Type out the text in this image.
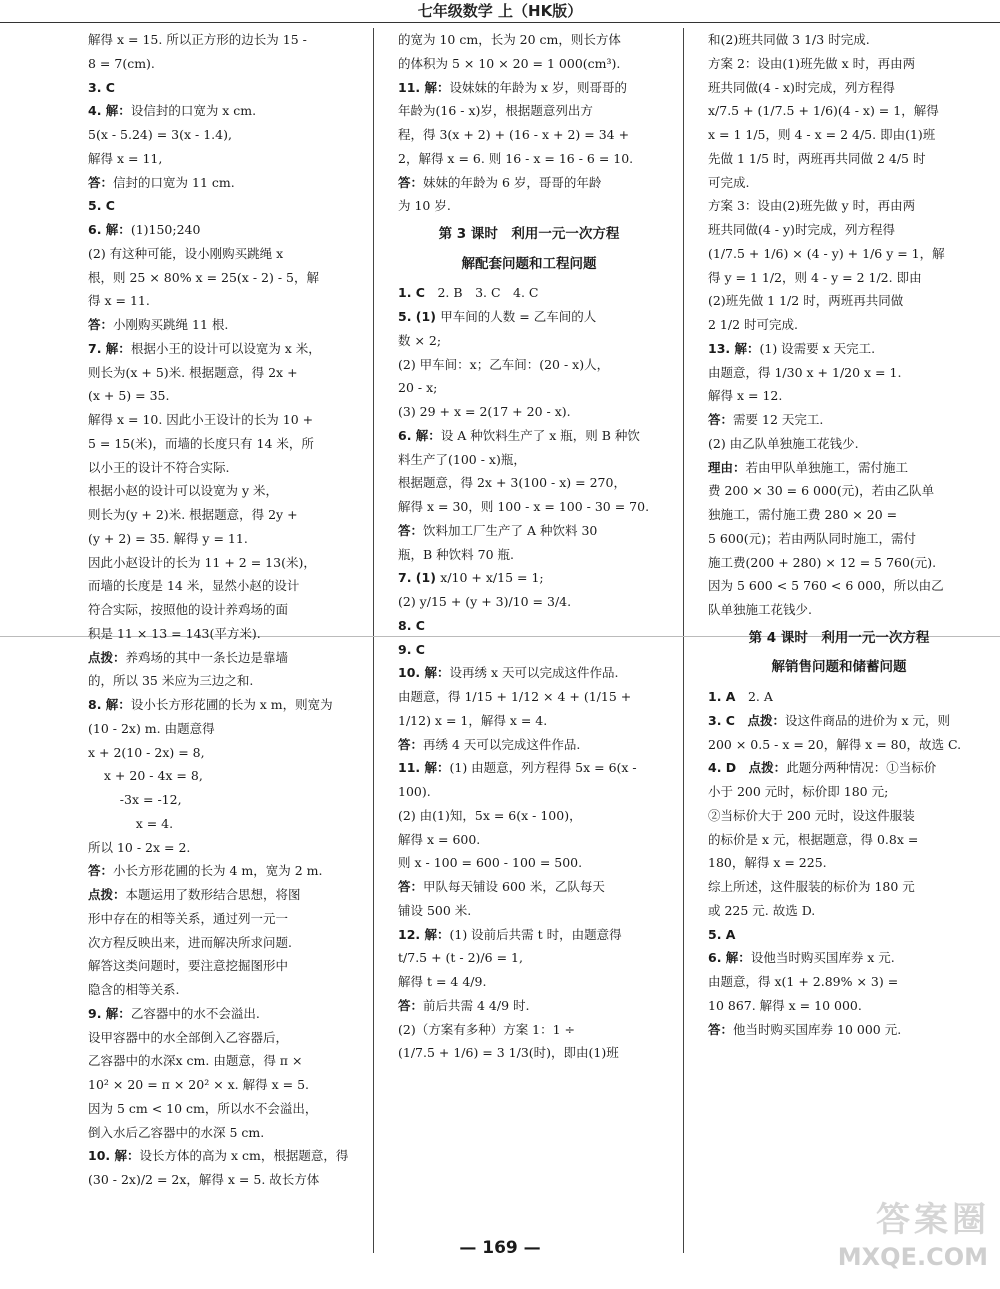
七年级数学 上（HK版）

解得 x = 15. 所以正方形的边长为 15 -

8 = 7(cm).

3. C

4. 解：设信封的口宽为 x cm.

5(x - 5.24) = 3(x - 1.4),

解得 x = 11,

答：信封的口宽为 11 cm.

5. C

6. 解：(1)150;240

(2) 有这种可能，设小刚购买跳绳 x

根，则 25 × 80% x = 25(x - 2) - 5，解

得 x = 11.

答：小刚购买跳绳 11 根.

7. 解：根据小王的设计可以设宽为 x 米，

则长为(x + 5)米. 根据题意，得 2x +

(x + 5) = 35.

解得 x = 10. 因此小王设计的长为 10 +

5 = 15(米)，而墙的长度只有 14 米，所

以小王的设计不符合实际.

根据小赵的设计可以设宽为 y 米，

则长为(y + 2)米. 根据题意，得 2y +

(y + 2) = 35. 解得 y = 11.

因此小赵设计的长为 11 + 2 = 13(米)，

而墙的长度是 14 米，显然小赵的设计

符合实际，按照他的设计养鸡场的面

积是 11 × 13 = 143(平方米).

点拨：养鸡场的其中一条长边是靠墙

的，所以 35 米应为三边之和.

8. 解：设小长方形花圃的长为 x m，则宽为

(10 - 2x) m. 由题意得

x + 2(10 - 2x) = 8,

x + 20 - 4x = 8,

-3x = -12,

x = 4.

所以 10 - 2x = 2.

答：小长方形花圃的长为 4 m，宽为 2 m.

点拨：本题运用了数形结合思想，将图

形中存在的相等关系，通过列一元一

次方程反映出来，进而解决所求问题.

解答这类问题时，要注意挖掘图形中

隐含的相等关系.

9. 解：乙容器中的水不会溢出.

设甲容器中的水全部倒入乙容器后，

乙容器中的水深x cm. 由题意，得 π ×

10² × 20 = π × 20² × x. 解得 x = 5.

因为 5 cm < 10 cm，所以水不会溢出，

倒入水后乙容器中的水深 5 cm.

10. 解：设长方体的高为 x cm，根据题意，得

(30 - 2x)/2 = 2x，解得 x = 5. 故长方体

的宽为 10 cm，长为 20 cm，则长方体

的体积为 5 × 10 × 20 = 1 000(cm³).

11. 解：设妹妹的年龄为 x 岁，则哥哥的

年龄为(16 - x)岁，根据题意列出方

程，得 3(x + 2) + (16 - x + 2) = 34 +

2，解得 x = 6. 则 16 - x = 16 - 6 = 10.

答：妹妹的年龄为 6 岁，哥哥的年龄

为 10 岁.

第 3 课时　利用一元一次方程

解配套问题和工程问题

1. C　2. B　3. C　4. C

5. (1) 甲车间的人数 = 乙车间的人

数 × 2;

(2) 甲车间：x；乙车间：(20 - x)人，

20 - x;

(3) 29 + x = 2(17 + 20 - x).

6. 解：设 A 种饮料生产了 x 瓶，则 B 种饮

料生产了(100 - x)瓶，

根据题意，得 2x + 3(100 - x) = 270，

解得 x = 30，则 100 - x = 100 - 30 = 70.

答：饮料加工厂生产了 A 种饮料 30

瓶，B 种饮料 70 瓶.

7. (1) x/10 + x/15 = 1;

(2) y/15 + (y + 3)/10 = 3/4.

8. C

9. C

10. 解：设再绣 x 天可以完成这件作品.

由题意，得 1/15 + 1/12 × 4 + (1/15 +

1/12) x = 1，解得 x = 4.

答：再绣 4 天可以完成这件作品.

11. 解：(1) 由题意，列方程得 5x = 6(x -

100).

(2) 由(1)知，5x = 6(x - 100)，

解得 x = 600.

则 x - 100 = 600 - 100 = 500.

答：甲队每天铺设 600 米，乙队每天

铺设 500 米.

12. 解：(1) 设前后共需 t 时，由题意得

t/7.5 + (t - 2)/6 = 1,

解得 t = 4 4/9.

答：前后共需 4 4/9 时.

(2)（方案有多种）方案 1：1 ÷

(1/7.5 + 1/6) = 3 1/3(时)，即由(1)班

和(2)班共同做 3 1/3 时完成.

方案 2：设由(1)班先做 x 时，再由两

班共同做(4 - x)时完成，列方程得

x/7.5 + (1/7.5 + 1/6)(4 - x) = 1，解得

x = 1 1/5，则 4 - x = 2 4/5. 即由(1)班

先做 1 1/5 时，两班再共同做 2 4/5 时

可完成.

方案 3：设由(2)班先做 y 时，再由两

班共同做(4 - y)时完成，列方程得

(1/7.5 + 1/6) × (4 - y) + 1/6 y = 1，解

得 y = 1 1/2，则 4 - y = 2 1/2. 即由

(2)班先做 1 1/2 时，两班再共同做

2 1/2 时可完成.

13. 解：(1) 设需要 x 天完工.

由题意，得 1/30 x + 1/20 x = 1.

解得 x = 12.

答：需要 12 天完工.

(2) 由乙队单独施工花钱少.

理由：若由甲队单独施工，需付施工

费 200 × 30 = 6 000(元)，若由乙队单

独施工，需付施工费 280 × 20 =

5 600(元)；若由两队同时施工，需付

施工费(200 + 280) × 12 = 5 760(元).

因为 5 600 < 5 760 < 6 000，所以由乙

队单独施工花钱少.

第 4 课时　利用一元一次方程

解销售问题和储蓄问题

1. A　2. A

3. C　点拨：设这件商品的进价为 x 元，则

200 × 0.5 - x = 20，解得 x = 80，故选 C.

4. D　点拨：此题分两种情况：①当标价

小于 200 元时，标价即 180 元;

②当标价大于 200 元时，设这件服装

的标价是 x 元，根据题意，得 0.8x =

180，解得 x = 225.

综上所述，这件服装的标价为 180 元

或 225 元. 故选 D.

5. A

6. 解：设他当时购买国库券 x 元.

由题意，得 x(1 + 2.89% × 3) =

10 867. 解得 x = 10 000.

答：他当时购买国库券 10 000 元.

— 169 —
答案圈
MXQE.COM
